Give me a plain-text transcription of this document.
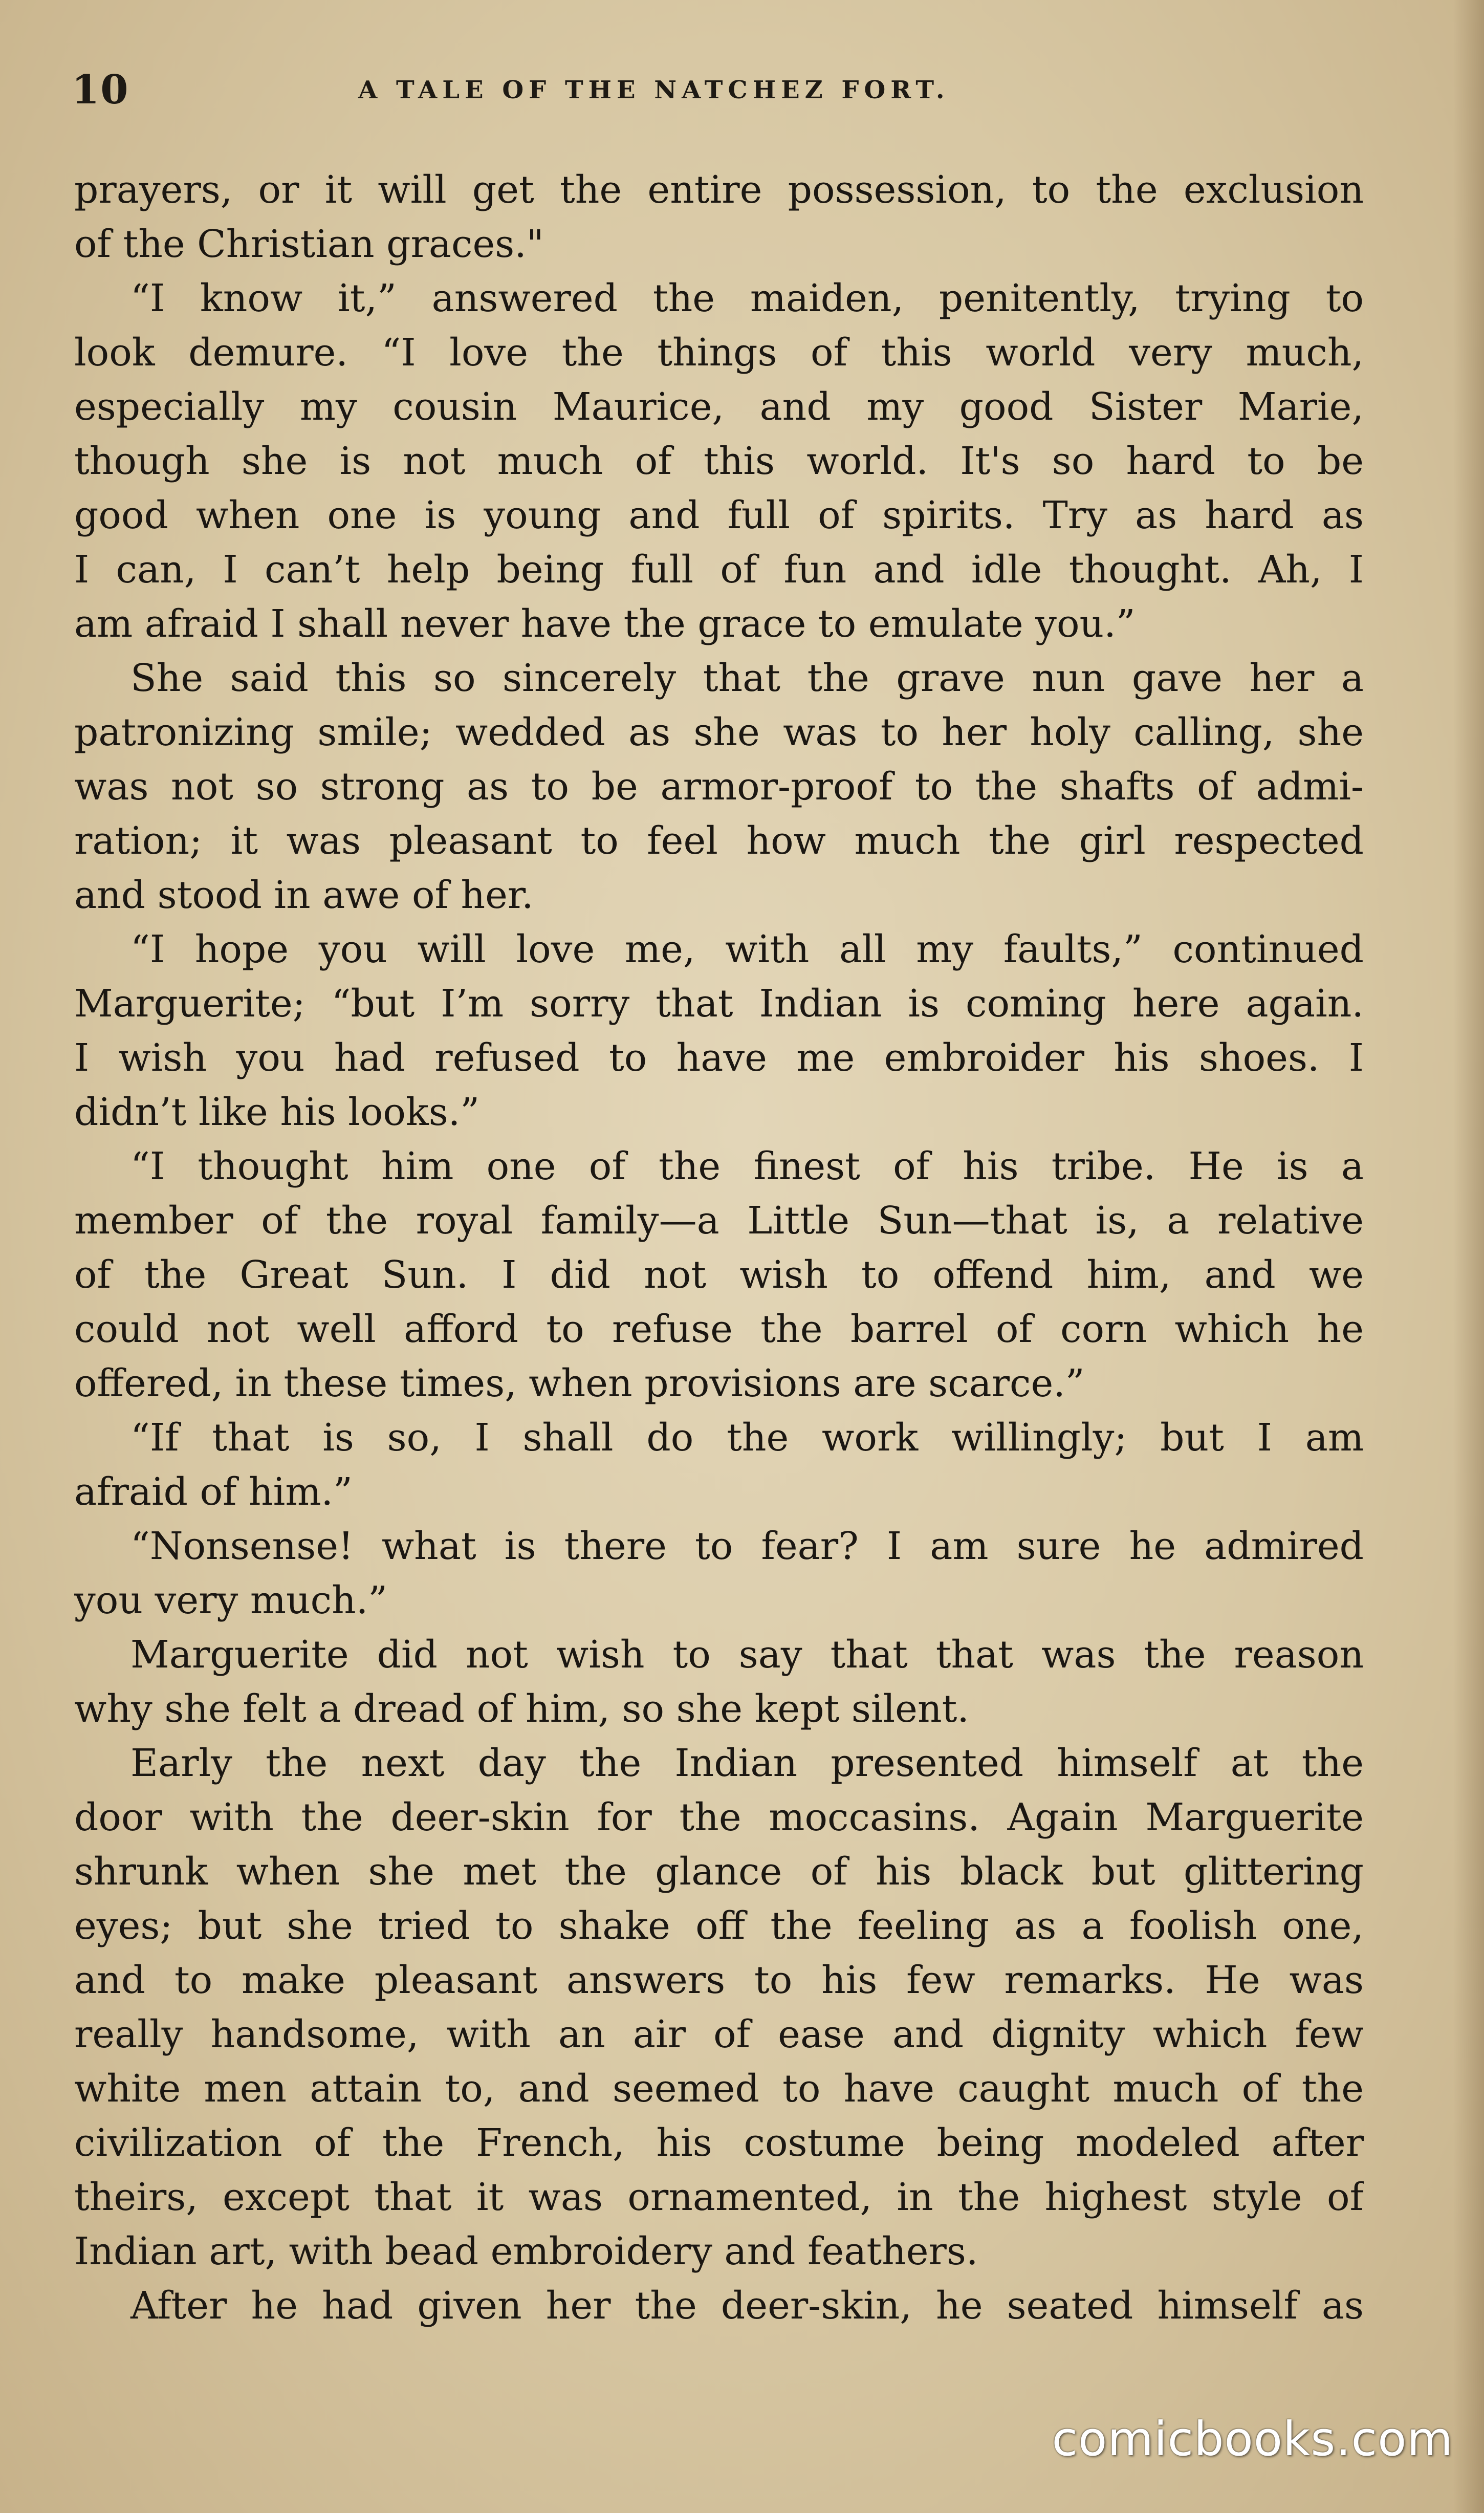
10	A TALE OF THE NATCHEZ FORT.
prayers, or it will get the entire possession, to the exclusion
of the Christian graces."
“I know it,” answered the maiden, penitently, trying to
look demure. “I love the things of this world very much,
especially my cousin Maurice, and my good Sister Marie,
though she is not much of this world. It's so hard to be
good when one is young and full of spirits. Try as hard as
I can, I can’t help being full of fun and idle thought. Ah, I
am afraid I shall never have the grace to emulate you.”
She said this so sincerely that the grave nun gave her a
patronizing smile; wedded as she was to her holy calling, she
was not so strong as to be armor-proof to the shafts of admi-
ration; it was pleasant to feel how much the girl respected
and stood in awe of her.
“I hope you will love me, with all my faults,” continued
Marguerite; “but I’m sorry that Indian is coming here again.
I wish you had refused to have me embroider his shoes. I
didn’t like his looks.”
“I thought him one of the finest of his tribe. He is a
member of the royal family—a Little Sun—that is, a relative
of the Great Sun. I did not wish to offend him, and we
could not well afford to refuse the barrel of corn which he
offered, in these times, when provisions are scarce.”
“If that is so, I shall do the work willingly; but I am
afraid of him.”
“Nonsense! what is there to fear? I am sure he admired
you very much.”
Marguerite did not wish to say that that was the reason
why she felt a dread of him, so she kept silent.
Early the next day the Indian presented himself at the
door with the deer-skin for the moccasins. Again Marguerite
shrunk when she met the glance of his black but glittering
eyes; but she tried to shake off the feeling as a foolish one,
and to make pleasant answers to his few remarks. He was
really handsome, with an air of ease and dignity which few
white men attain to, and seemed to have caught much of the
civilization of the French, his costume being modeled after
theirs, except that it was ornamented, in the highest style of
Indian art, with bead embroidery and feathers.
After he had given her the deer-skin, he seated himself as
comicbooks.com
